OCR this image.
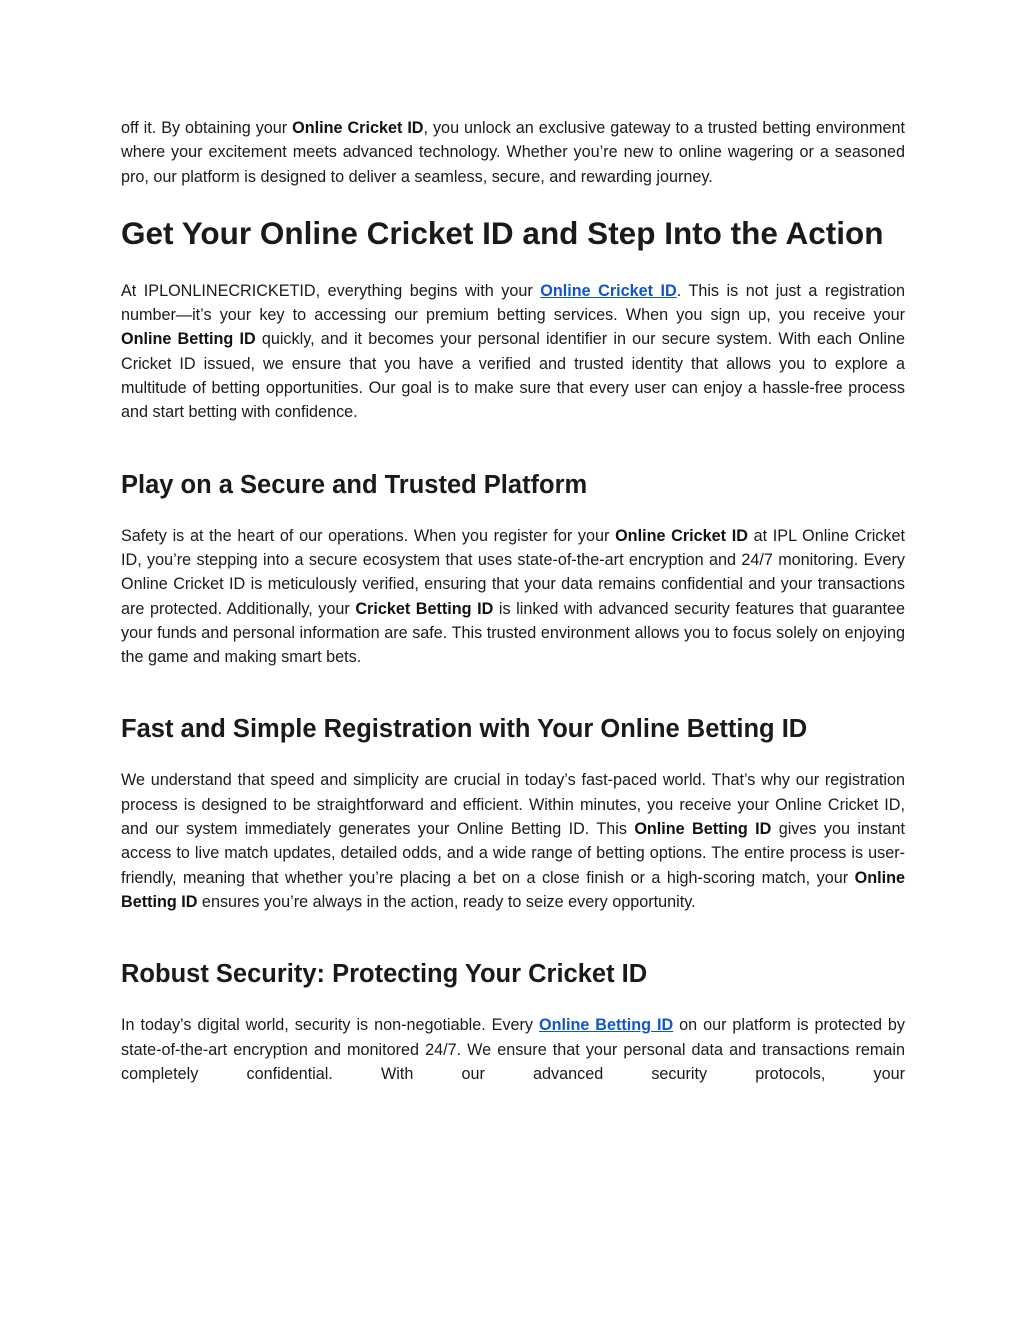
off it. By obtaining your Online Cricket ID, you unlock an exclusive gateway to a trusted betting environment where your excitement meets advanced technology. Whether you’re new to online wagering or a seasoned pro, our platform is designed to deliver a seamless, secure, and rewarding journey.

Get Your Online Cricket ID and Step Into the Action

At IPLONLINECRICKETID, everything begins with your Online Cricket ID. This is not just a registration number—it’s your key to accessing our premium betting services. When you sign up, you receive your Online Betting ID quickly, and it becomes your personal identifier in our secure system. With each Online Cricket ID issued, we ensure that you have a verified and trusted identity that allows you to explore a multitude of betting opportunities. Our goal is to make sure that every user can enjoy a hassle-free process and start betting with confidence.

Play on a Secure and Trusted Platform

Safety is at the heart of our operations. When you register for your Online Cricket ID at IPL Online Cricket ID, you’re stepping into a secure ecosystem that uses state-of-the-art encryption and 24/7 monitoring. Every Online Cricket ID is meticulously verified, ensuring that your data remains confidential and your transactions are protected. Additionally, your Cricket Betting ID is linked with advanced security features that guarantee your funds and personal information are safe. This trusted environment allows you to focus solely on enjoying the game and making smart bets.

Fast and Simple Registration with Your Online Betting ID

We understand that speed and simplicity are crucial in today’s fast-paced world. That’s why our registration process is designed to be straightforward and efficient. Within minutes, you receive your Online Cricket ID, and our system immediately generates your Online Betting ID. This Online Betting ID gives you instant access to live match updates, detailed odds, and a wide range of betting options. The entire process is user-friendly, meaning that whether you’re placing a bet on a close finish or a high-scoring match, your Online Betting ID ensures you’re always in the action, ready to seize every opportunity.

Robust Security: Protecting Your Cricket ID

In today’s digital world, security is non-negotiable. Every Online Betting ID on our platform is protected by state-of-the-art encryption and monitored 24/7. We ensure that your personal data and transactions remain completely confidential. With our advanced security protocols, your
